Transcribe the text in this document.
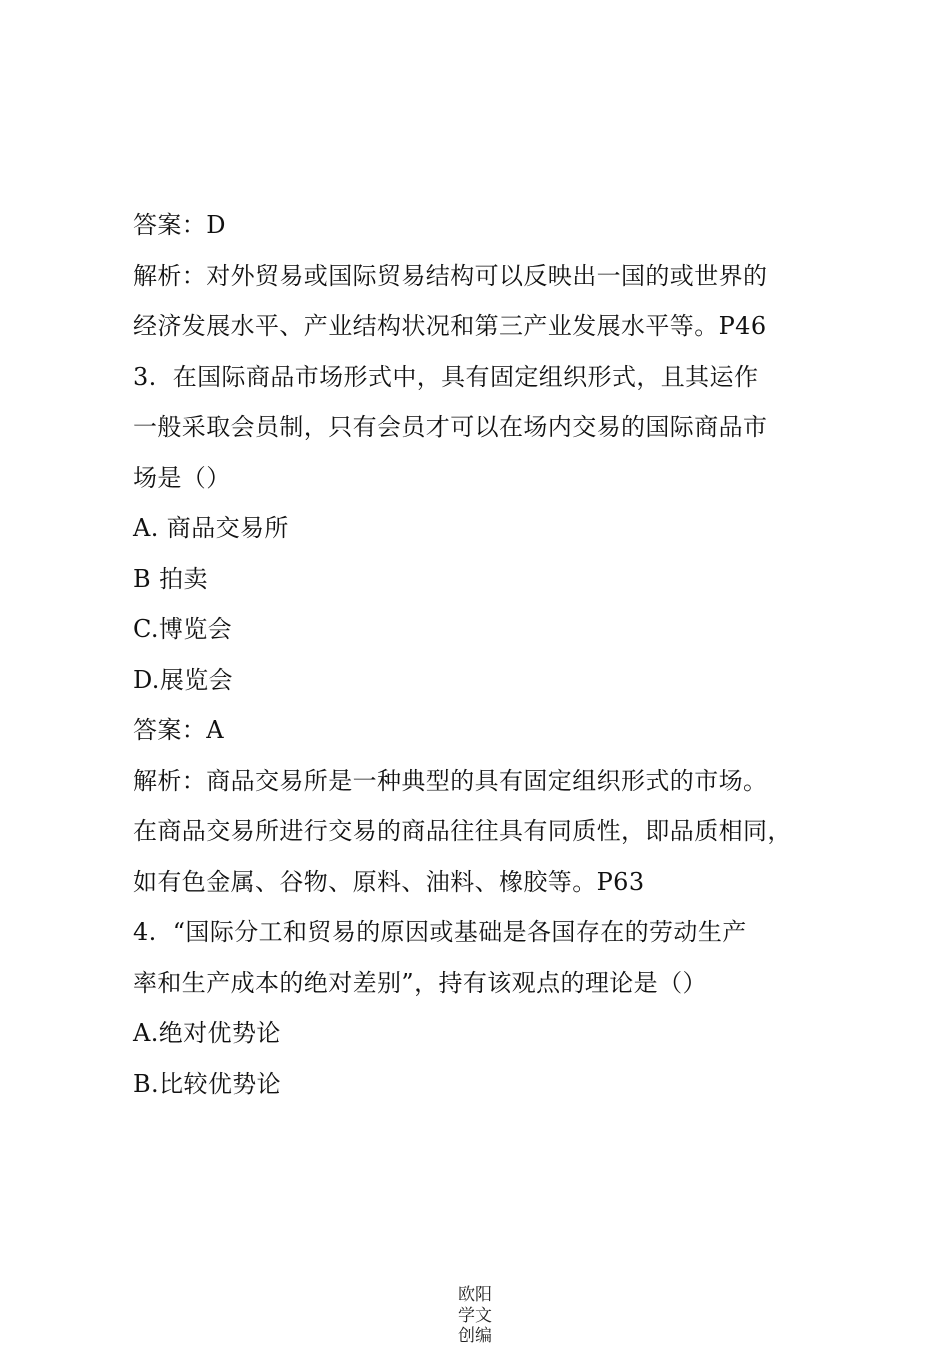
答案：D
解析：对外贸易或国际贸易结构可以反映出一国的或世界的
经济发展水平、产业结构状况和第三产业发展水平等。P46
3.  在国际商品市场形式中，具有固定组织形式，且其运作
一般采取会员制，只有会员才可以在场内交易的国际商品市
场是（）
A. 商品交易所
B 拍卖
C.博览会
D.展览会
答案：A
解析：商品交易所是一种典型的具有固定组织形式的市场。
在商品交易所进行交易的商品往往具有同质性，即品质相同，
如有色金属、谷物、原料、油料、橡胶等。P63
4.  “国际分工和贸易的原因或基础是各国存在的劳动生产
率和生产成本的绝对差别”，持有该观点的理论是（）
A.绝对优势论
B.比较优势论
欧阳
学文
创编
